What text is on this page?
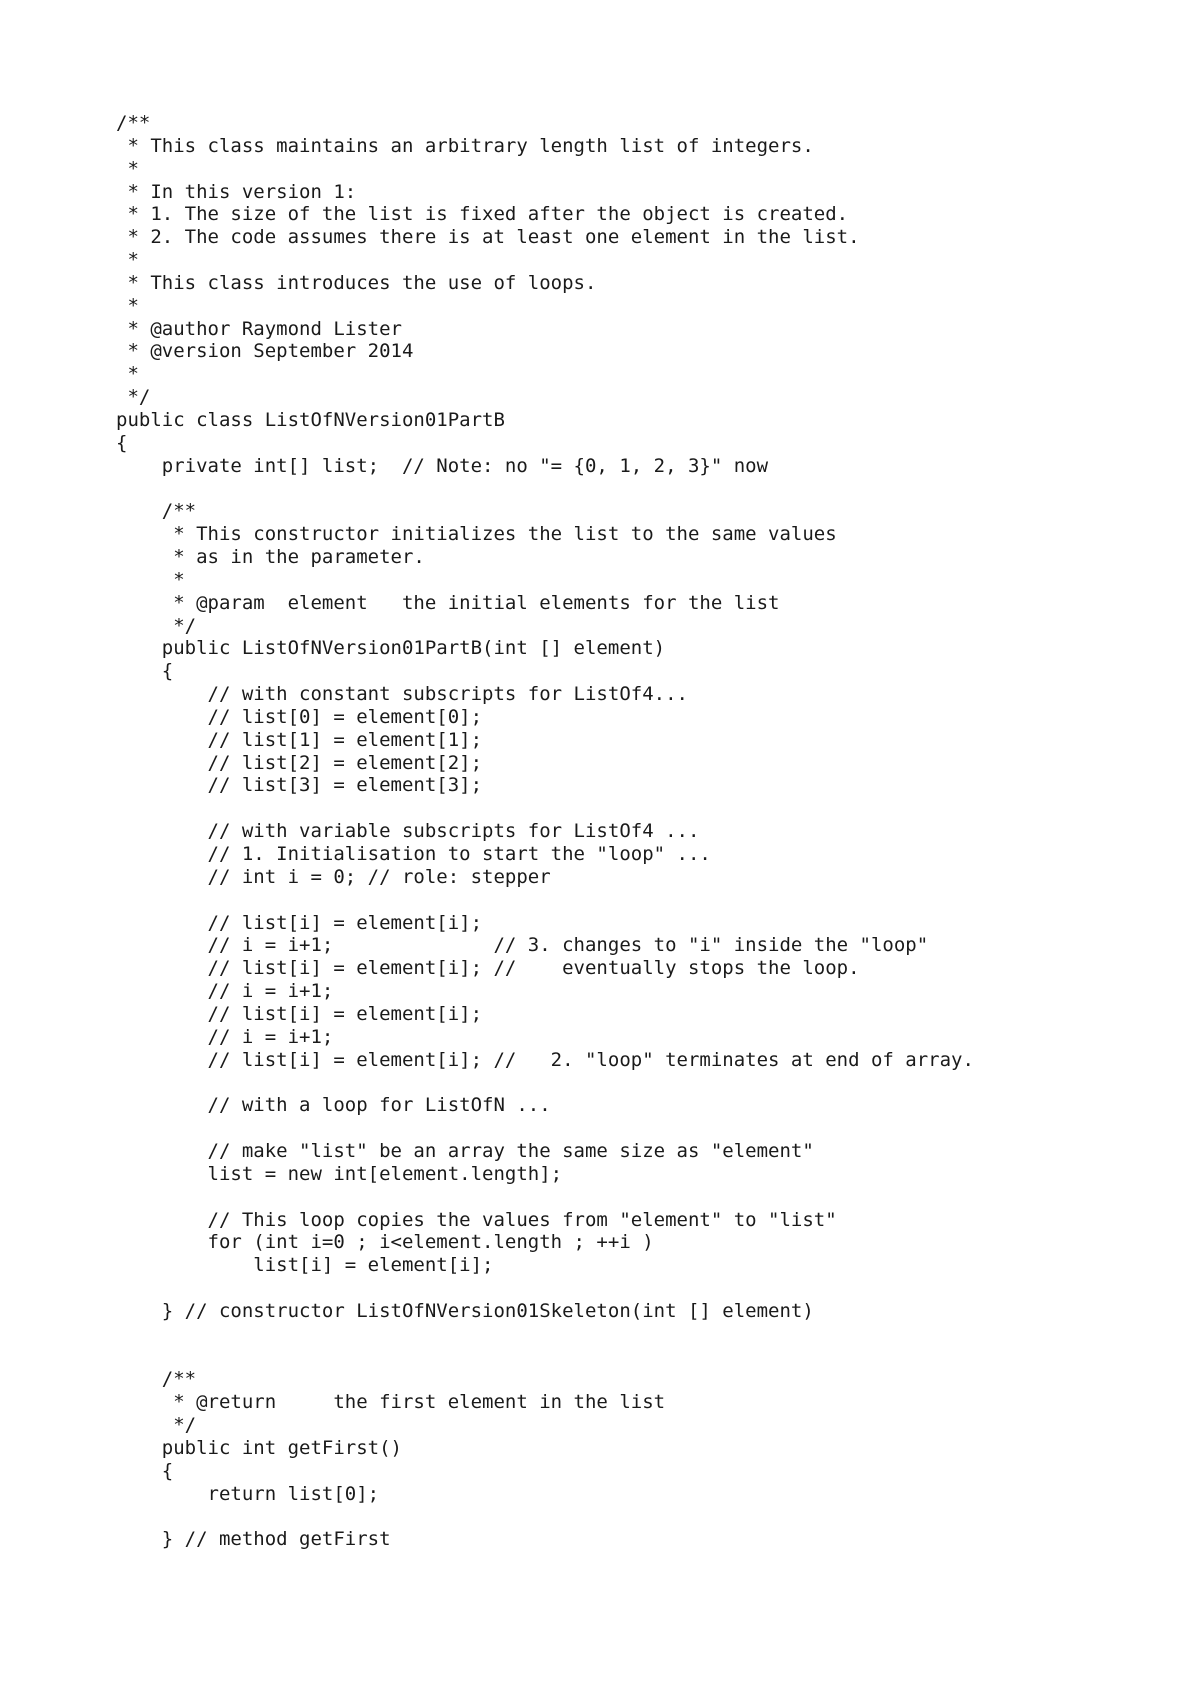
/**
* This class maintains an arbitrary length list of integers.
*
* In this version 1:
* 1. The size of the list is fixed after the object is created.
* 2. The code assumes there is at least one element in the list.
*
* This class introduces the use of loops.
*
* @author Raymond Lister
* @version September 2014
*
*/
public class ListOfNVersion01PartB
{
private int[] list;  // Note: no "= {0, 1, 2, 3}" now
/**
* This constructor initializes the list to the same values
* as in the parameter.
*
* @param  element   the initial elements for the list
*/
public ListOfNVersion01PartB(int [] element)
{
// with constant subscripts for ListOf4...
// list[0] = element[0];
// list[1] = element[1];
// list[2] = element[2];
// list[3] = element[3];
// with variable subscripts for ListOf4 ...
// 1. Initialisation to start the "loop" ...
// int i = 0; // role: stepper
// list[i] = element[i];
// i = i+1;              // 3. changes to "i" inside the "loop"
// list[i] = element[i]; //    eventually stops the loop.
// i = i+1;
// list[i] = element[i];
// i = i+1;
// list[i] = element[i]; //   2. "loop" terminates at end of array.
// with a loop for ListOfN ...
// make "list" be an array the same size as "element"
list = new int[element.length];
// This loop copies the values from "element" to "list"
for (int i=0 ; i<element.length ; ++i )
list[i] = element[i];
} // constructor ListOfNVersion01Skeleton(int [] element)
/**
* @return     the first element in the list
*/
public int getFirst()
{
return list[0];
} // method getFirst
